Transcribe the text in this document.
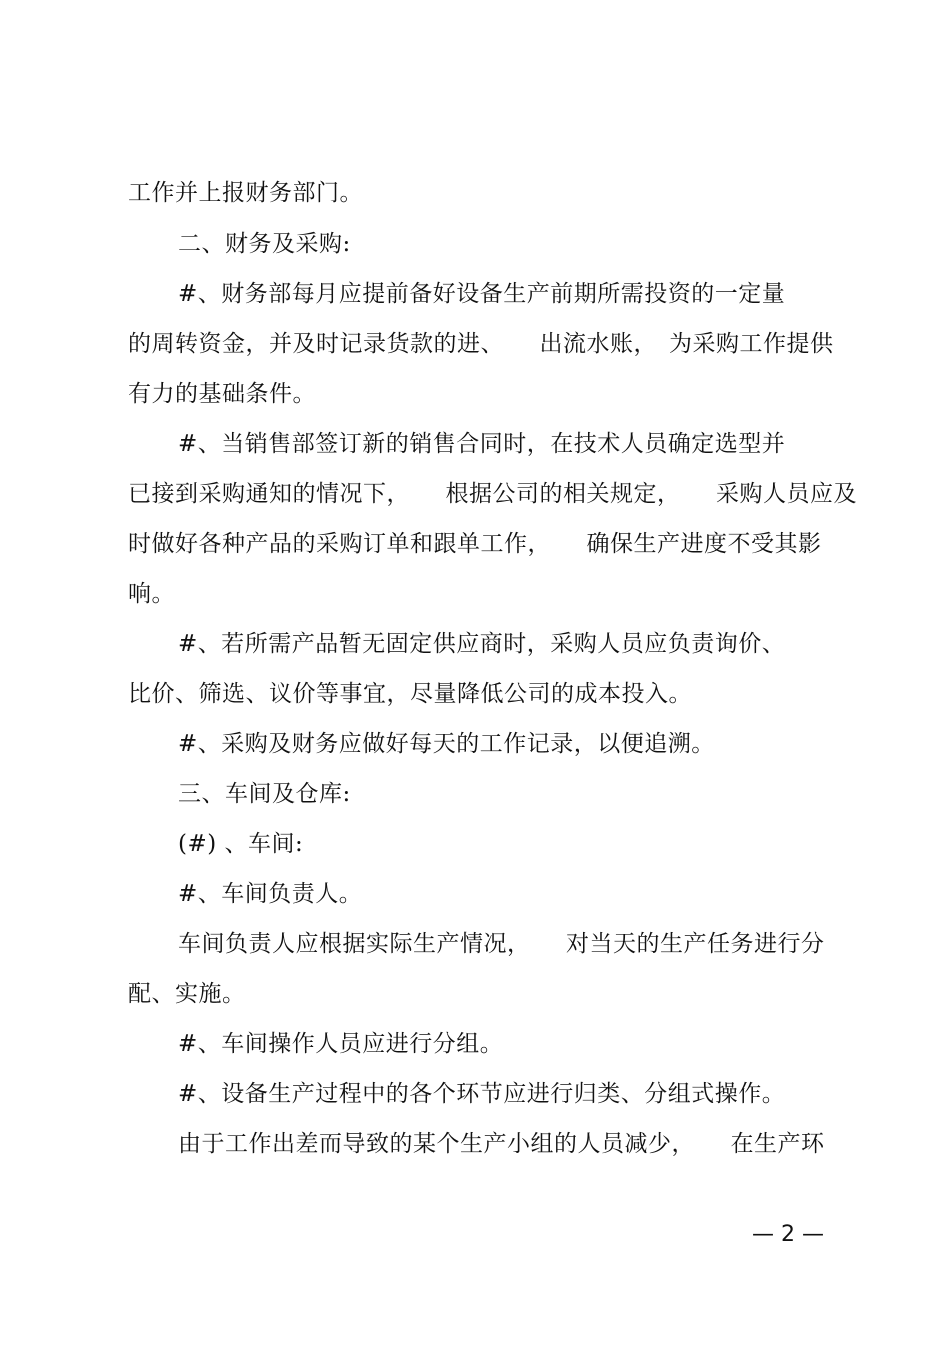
工作并上报财务部门。
二、财务及采购:
#、财务部每月应提前备好设备生产前期所需投资的一定量
的周转资金，并及时记录货款的进、　　出流水账，　为采购工作提供
有力的基础条件。
#、当销售部签订新的销售合同时，在技术人员确定选型并
已接到采购通知的情况下，　　根据公司的相关规定，　　采购人员应及
时做好各种产品的采购订单和跟单工作，　　确保生产进度不受其影
响。
#、若所需产品暂无固定供应商时，采购人员应负责询价、
比价、筛选、议价等事宜，尽量降低公司的成本投入。
#、采购及财务应做好每天的工作记录，以便追溯。
三、车间及仓库:
(#) 、车间:
#、车间负责人。
车间负责人应根据实际生产情况，　　对当天的生产任务进行分
配、实施。
#、车间操作人员应进行分组。
#、设备生产过程中的各个环节应进行归类、分组式操作。
由于工作出差而导致的某个生产小组的人员减少，　　在生产环
— 2 —
